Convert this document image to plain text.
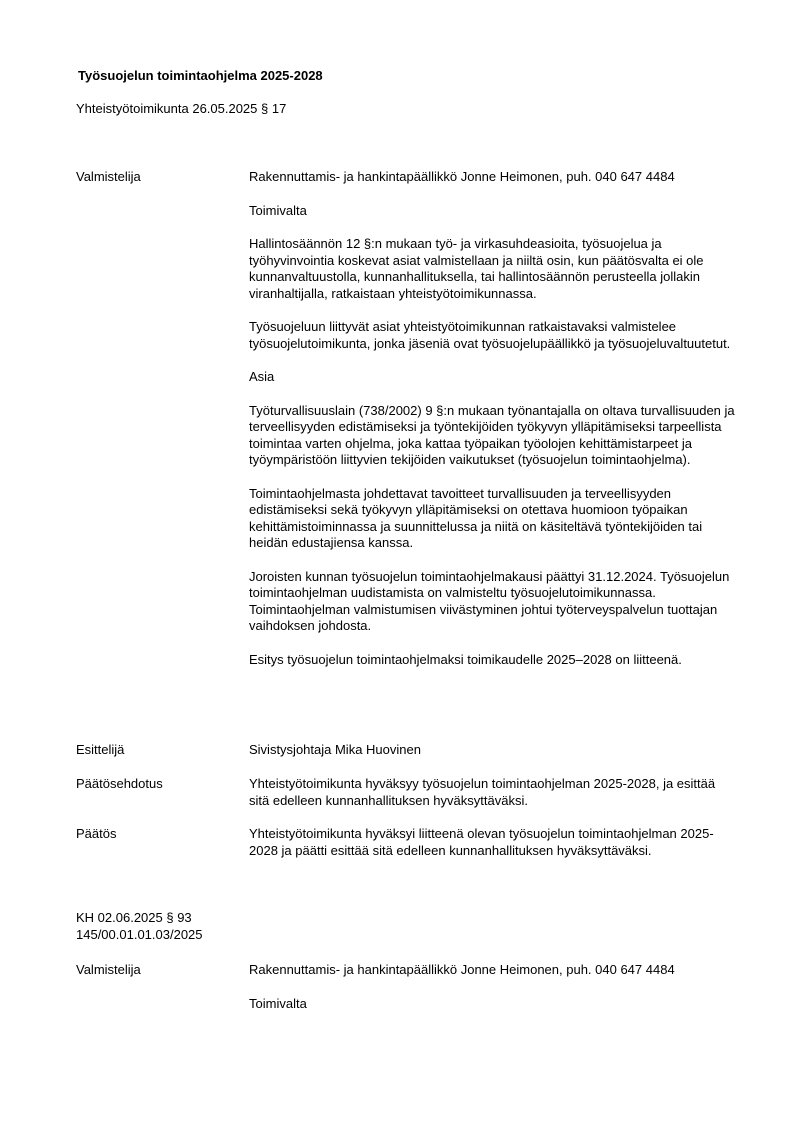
Työsuojelun toimintaohjelma 2025-2028
Yhteistyötoimikunta 26.05.2025 § 17
Valmistelija	Rakennuttamis- ja hankintapäällikkö Jonne Heimonen, puh. 040 647 4484

Toimivalta

Hallintosäännön 12 §:n mukaan työ- ja virkasuhdeasioita, työsuojelua ja työhyvinvointia koskevat asiat valmistellaan ja niiltä osin, kun päätösvalta ei ole kunnanvaltuustolla, kunnanhallituksella, tai hallintosäännön perusteella jollakin viranhaltijalla, ratkaistaan yhteistyötoimikunnassa.

Työsuojeluun liittyvät asiat yhteistyötoimikunnan ratkaistavaksi valmistelee työsuojelutoimikunta, jonka jäseniä ovat työsuojelupäällikkö ja työsuojeluvaltuutetut.

Asia

Työturvallisuuslain (738/2002) 9 §:n mukaan työnantajalla on oltava turvallisuuden ja terveellisyyden edistämiseksi ja työntekijöiden työkyvyn ylläpitämiseksi tarpeellista toimintaa varten ohjelma, joka kattaa työpaikan työolojen kehittämistarpeet ja työympäristöön liittyvien tekijöiden vaikutukset (työsuojelun toimintaohjelma).

Toimintaohjelmasta johdettavat tavoitteet turvallisuuden ja terveellisyyden edistämiseksi sekä työkyvyn ylläpitämiseksi on otettava huomioon työpaikan kehittämistoiminnassa ja suunnittelussa ja niitä on käsiteltävä työntekijöiden tai heidän edustajiensa kanssa.

Joroisten kunnan työsuojelun toimintaohjelmakausi päättyi 31.12.2024. Työsuojelun toimintaohjelman uudistamista on valmisteltu työsuojelutoimikunnassa. Toimintaohjelman valmistumisen viivästyminen johtui työterveyspalvelun tuottajan vaihdoksen johdosta.

Esitys työsuojelun toimintaohjelmaksi toimikaudelle 2025–2028 on liitteenä.

Esittelijä	Sivistysjohtaja Mika Huovinen
Päätösehdotus	Yhteistyötoimikunta hyväksyy työsuojelun toimintaohjelman 2025-2028, ja esittää sitä edelleen kunnanhallituksen hyväksyttäväksi.
Päätös	Yhteistyötoimikunta hyväksyi liitteenä olevan työsuojelun toimintaohjelman 2025-2028 ja päätti esittää sitä edelleen kunnanhallituksen hyväksyttäväksi.
KH 02.06.2025 § 93
145/00.01.01.03/2025
Valmistelija	Rakennuttamis- ja hankintapäällikkö Jonne Heimonen, puh. 040 647 4484

Toimivalta
